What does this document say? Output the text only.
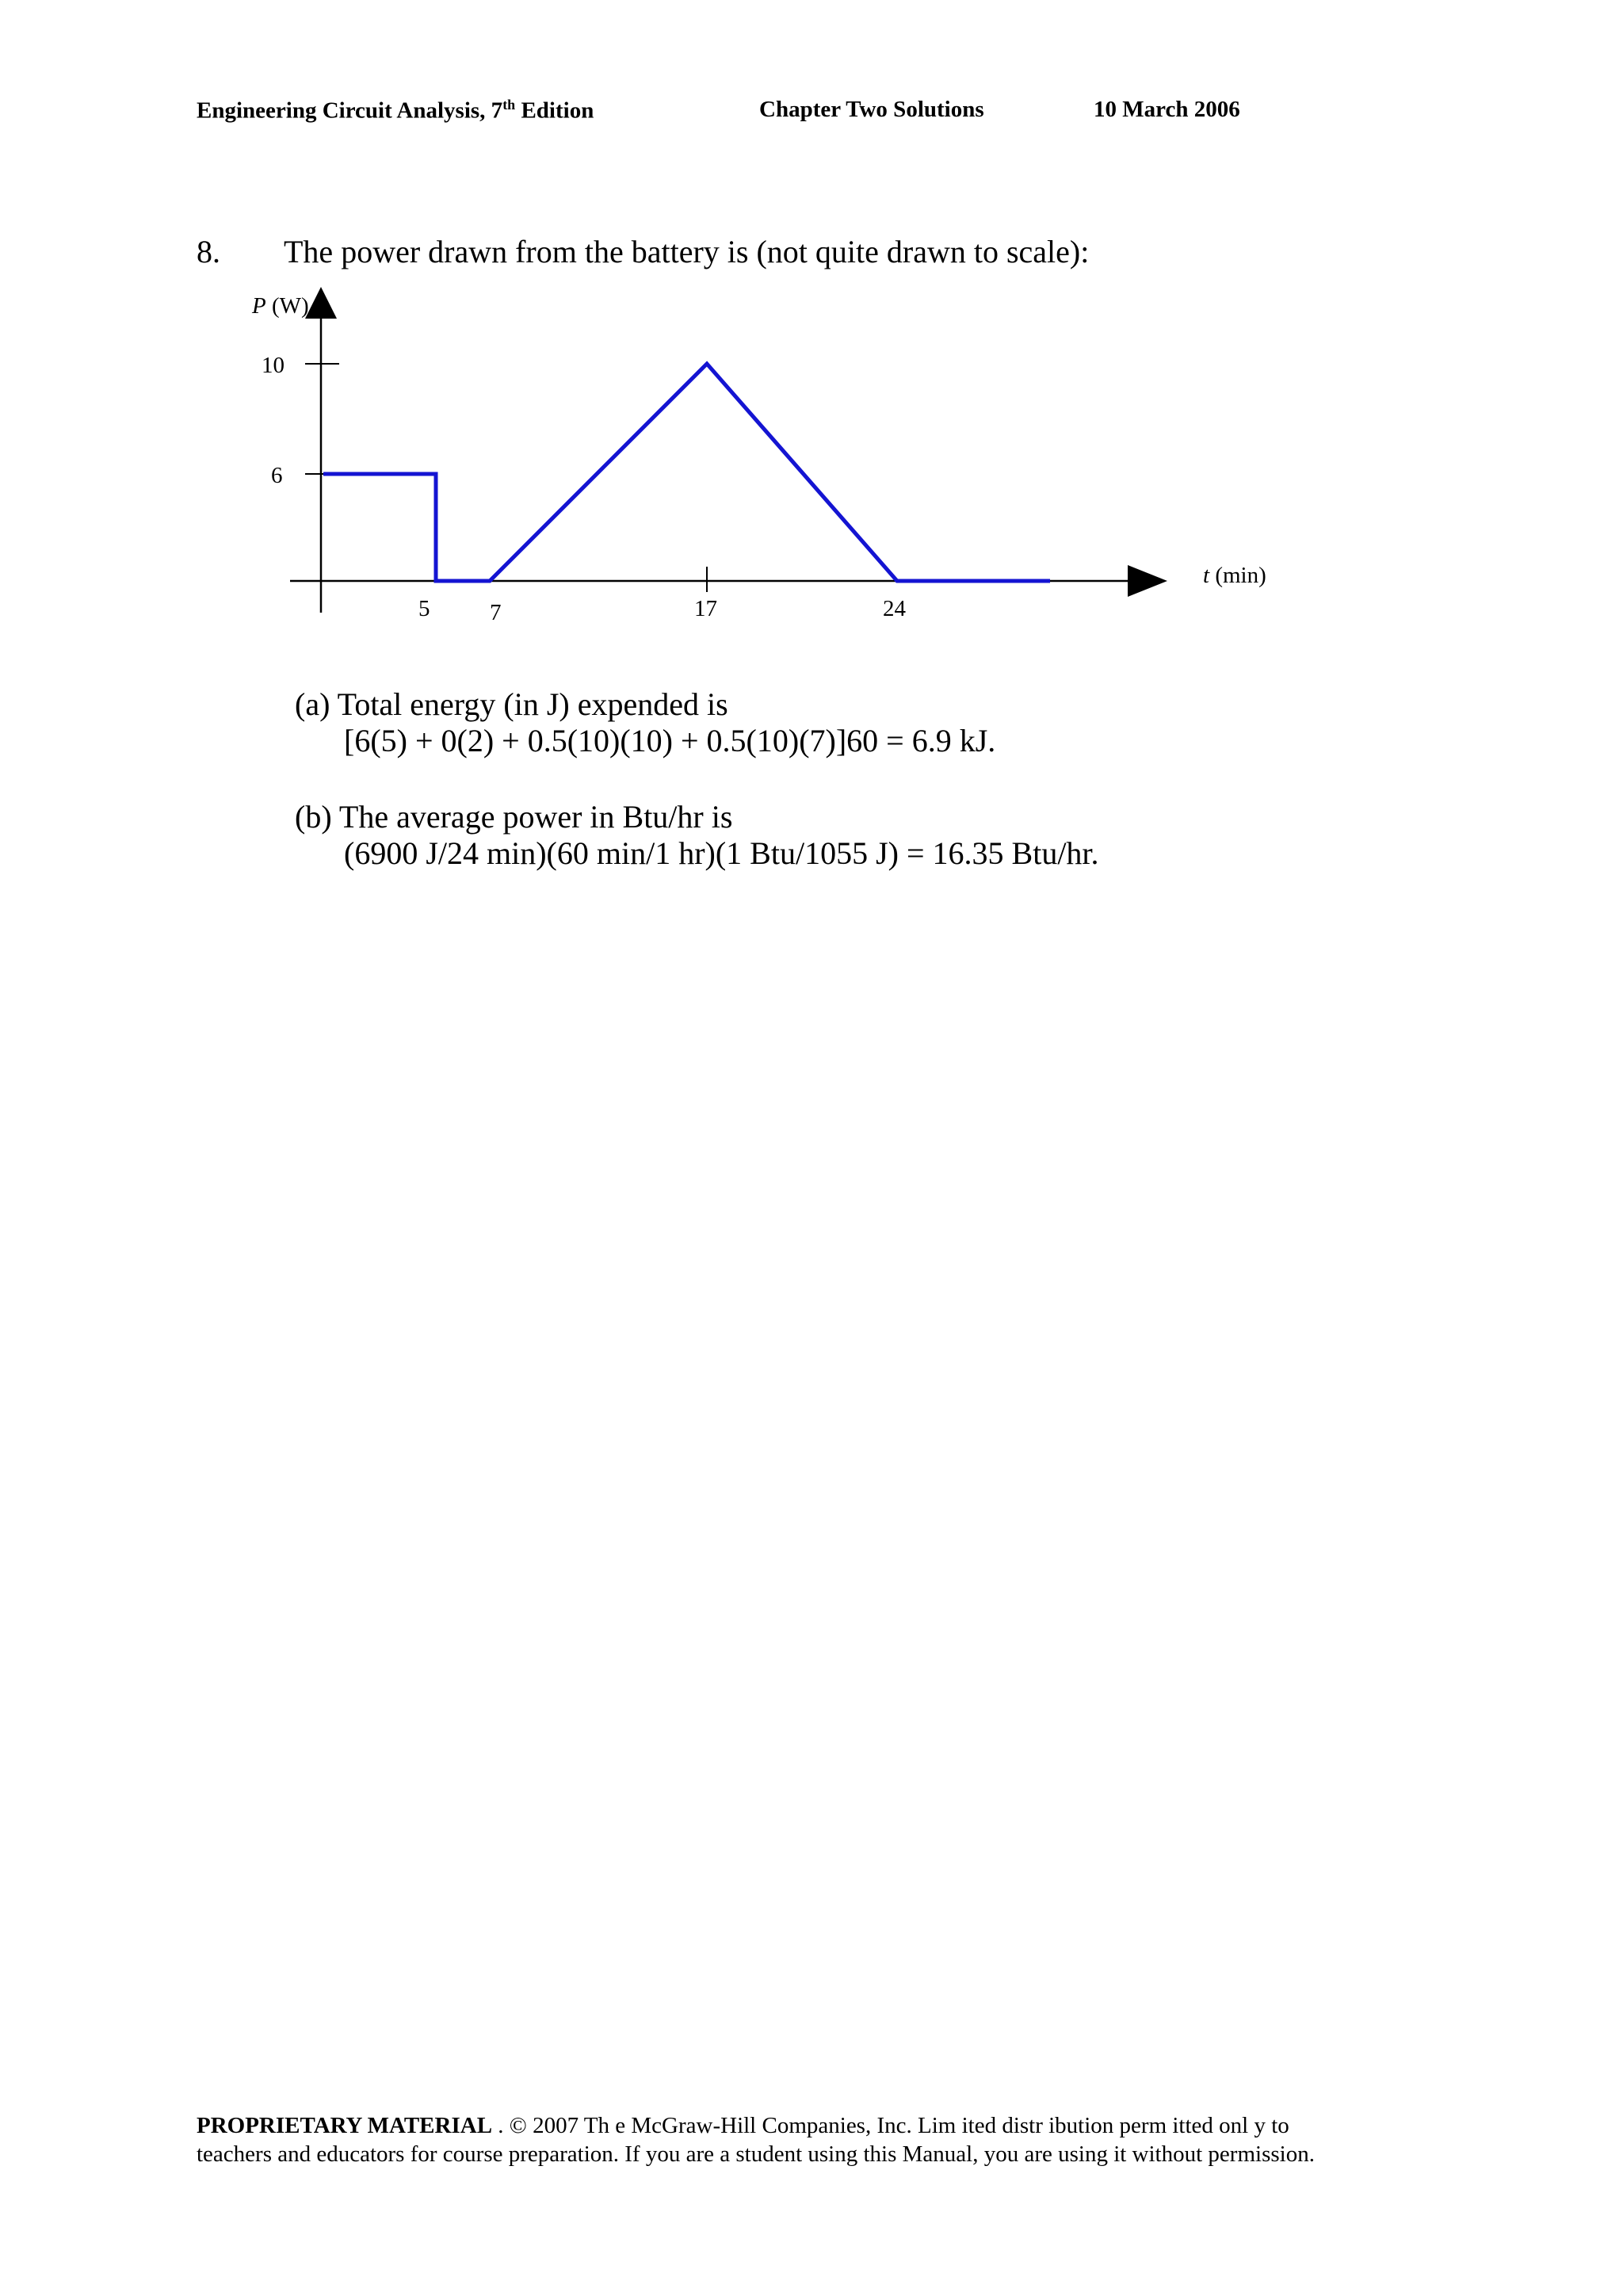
Engineering Circuit Analysis, 7th Edition	Chapter Two Solutions	10 March 2006
8. The power drawn from the battery is (not quite drawn to scale):
P (W)
t (min)
10
6
5	7	17	24
(a) Total energy (in J) expended is
[6(5) + 0(2) + 0.5(10)(10) + 0.5(10)(7)]60 = 6.9 kJ.
(b) The average power in Btu/hr is
(6900 J/24 min)(60 min/1 hr)(1 Btu/1055 J) = 16.35 Btu/hr.
PROPRIETARY MATERIAL . © 2007 Th e McGraw-Hill Companies, Inc. Lim ited distr ibution perm itted onl y to
teachers and educators for course preparation. If you are a student using this Manual, you are using it without permission.
